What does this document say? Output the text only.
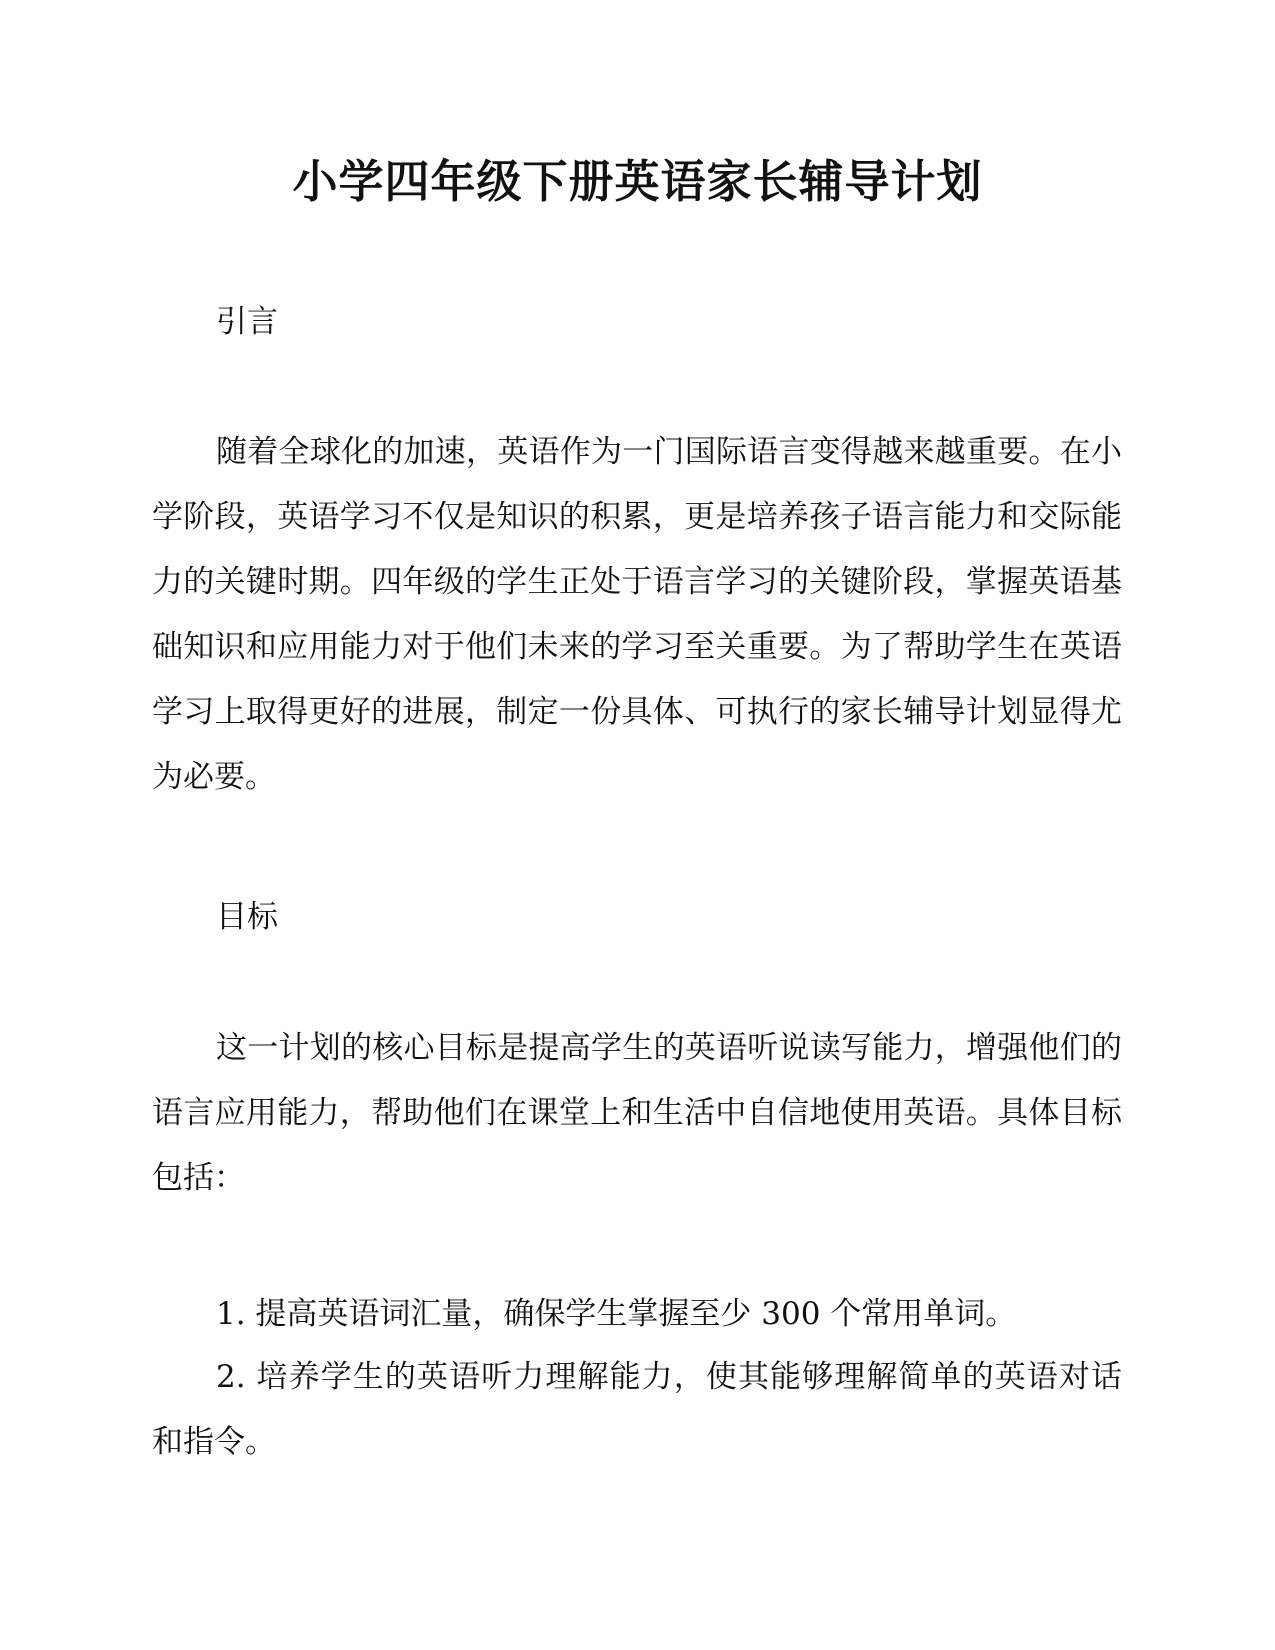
小学四年级下册英语家长辅导计划

引言

随着全球化的加速，英语作为一门国际语言变得越来越重要。在小学阶段，英语学习不仅是知识的积累，更是培养孩子语言能力和交际能力的关键时期。四年级的学生正处于语言学习的关键阶段，掌握英语基础知识和应用能力对于他们未来的学习至关重要。为了帮助学生在英语学习上取得更好的进展，制定一份具体、可执行的家长辅导计划显得尤为必要。

目标

这一计划的核心目标是提高学生的英语听说读写能力，增强他们的语言应用能力，帮助他们在课堂上和生活中自信地使用英语。具体目标包括：

1. 提高英语词汇量，确保学生掌握至少 300 个常用单词。

2. 培养学生的英语听力理解能力，使其能够理解简单的英语对话和指令。
